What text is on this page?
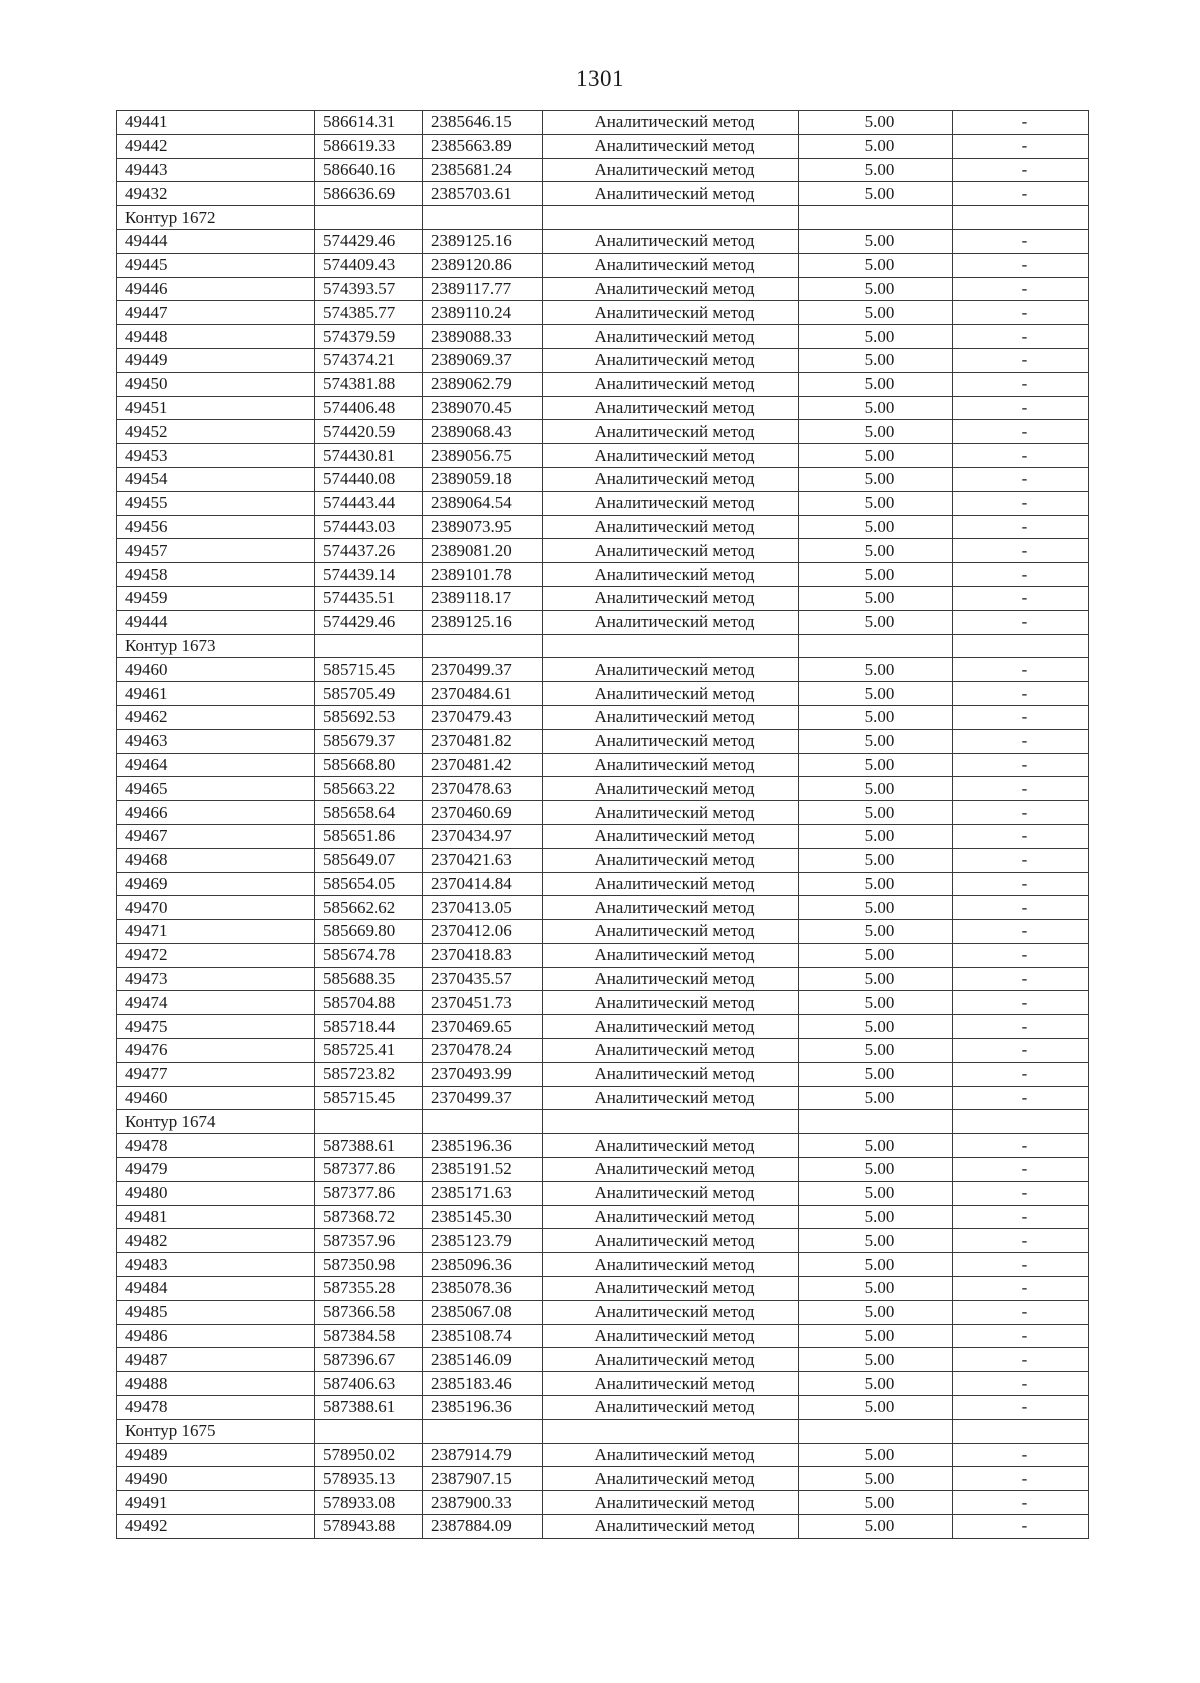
1301
49441	586614.31	2385646.15	Аналитический метод	5.00	-
49442	586619.33	2385663.89	Аналитический метод	5.00	-
49443	586640.16	2385681.24	Аналитический метод	5.00	-
49432	586636.69	2385703.61	Аналитический метод	5.00	-
Контур 1672					
49444	574429.46	2389125.16	Аналитический метод	5.00	-
49445	574409.43	2389120.86	Аналитический метод	5.00	-
49446	574393.57	2389117.77	Аналитический метод	5.00	-
49447	574385.77	2389110.24	Аналитический метод	5.00	-
49448	574379.59	2389088.33	Аналитический метод	5.00	-
49449	574374.21	2389069.37	Аналитический метод	5.00	-
49450	574381.88	2389062.79	Аналитический метод	5.00	-
49451	574406.48	2389070.45	Аналитический метод	5.00	-
49452	574420.59	2389068.43	Аналитический метод	5.00	-
49453	574430.81	2389056.75	Аналитический метод	5.00	-
49454	574440.08	2389059.18	Аналитический метод	5.00	-
49455	574443.44	2389064.54	Аналитический метод	5.00	-
49456	574443.03	2389073.95	Аналитический метод	5.00	-
49457	574437.26	2389081.20	Аналитический метод	5.00	-
49458	574439.14	2389101.78	Аналитический метод	5.00	-
49459	574435.51	2389118.17	Аналитический метод	5.00	-
49444	574429.46	2389125.16	Аналитический метод	5.00	-
Контур 1673					
49460	585715.45	2370499.37	Аналитический метод	5.00	-
49461	585705.49	2370484.61	Аналитический метод	5.00	-
49462	585692.53	2370479.43	Аналитический метод	5.00	-
49463	585679.37	2370481.82	Аналитический метод	5.00	-
49464	585668.80	2370481.42	Аналитический метод	5.00	-
49465	585663.22	2370478.63	Аналитический метод	5.00	-
49466	585658.64	2370460.69	Аналитический метод	5.00	-
49467	585651.86	2370434.97	Аналитический метод	5.00	-
49468	585649.07	2370421.63	Аналитический метод	5.00	-
49469	585654.05	2370414.84	Аналитический метод	5.00	-
49470	585662.62	2370413.05	Аналитический метод	5.00	-
49471	585669.80	2370412.06	Аналитический метод	5.00	-
49472	585674.78	2370418.83	Аналитический метод	5.00	-
49473	585688.35	2370435.57	Аналитический метод	5.00	-
49474	585704.88	2370451.73	Аналитический метод	5.00	-
49475	585718.44	2370469.65	Аналитический метод	5.00	-
49476	585725.41	2370478.24	Аналитический метод	5.00	-
49477	585723.82	2370493.99	Аналитический метод	5.00	-
49460	585715.45	2370499.37	Аналитический метод	5.00	-
Контур 1674					
49478	587388.61	2385196.36	Аналитический метод	5.00	-
49479	587377.86	2385191.52	Аналитический метод	5.00	-
49480	587377.86	2385171.63	Аналитический метод	5.00	-
49481	587368.72	2385145.30	Аналитический метод	5.00	-
49482	587357.96	2385123.79	Аналитический метод	5.00	-
49483	587350.98	2385096.36	Аналитический метод	5.00	-
49484	587355.28	2385078.36	Аналитический метод	5.00	-
49485	587366.58	2385067.08	Аналитический метод	5.00	-
49486	587384.58	2385108.74	Аналитический метод	5.00	-
49487	587396.67	2385146.09	Аналитический метод	5.00	-
49488	587406.63	2385183.46	Аналитический метод	5.00	-
49478	587388.61	2385196.36	Аналитический метод	5.00	-
Контур 1675					
49489	578950.02	2387914.79	Аналитический метод	5.00	-
49490	578935.13	2387907.15	Аналитический метод	5.00	-
49491	578933.08	2387900.33	Аналитический метод	5.00	-
49492	578943.88	2387884.09	Аналитический метод	5.00	-
